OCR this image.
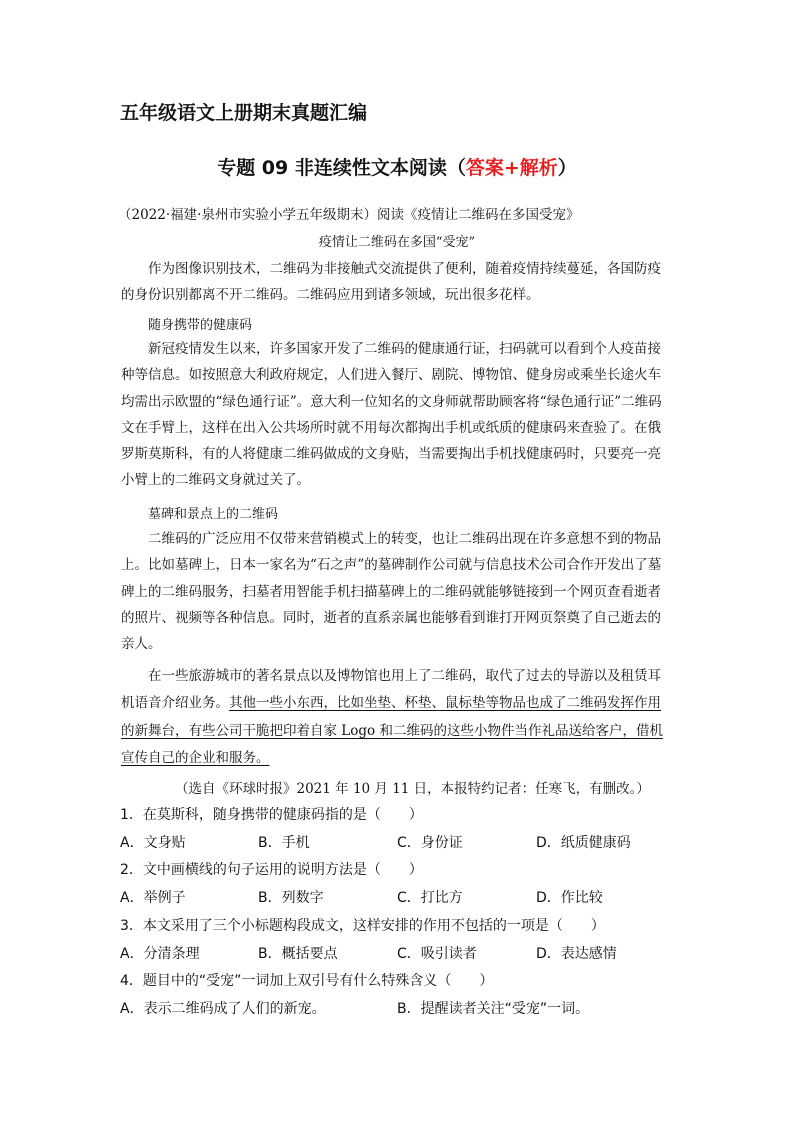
五年级语文上册期末真题汇编
专题 09 非连续性文本阅读（答案+解析）
（2022·福建·泉州市实验小学五年级期末）阅读《疫情让二维码在多国受宠》
疫情让二维码在多国“受宠”
作为图像识别技术，二维码为非接触式交流提供了便利，随着疫情持续蔓延，各国防疫的身份识别都离不开二维码。二维码应用到诸多领域，玩出很多花样。
随身携带的健康码
新冠疫情发生以来，许多国家开发了二维码的健康通行证，扫码就可以看到个人疫苗接种等信息。如按照意大利政府规定，人们进入餐厅、剧院、博物馆、健身房或乘坐长途火车均需出示欧盟的“绿色通行证”。意大利一位知名的文身师就帮助顾客将“绿色通行证”二维码文在手臂上，这样在出入公共场所时就不用每次都掏出手机或纸质的健康码来查验了。在俄罗斯莫斯科，有的人将健康二维码做成的文身贴，当需要掏出手机找健康码时，只要亮一亮小臂上的二维码文身就过关了。
墓碑和景点上的二维码
二维码的广泛应用不仅带来营销模式上的转变，也让二维码出现在许多意想不到的物品上。比如墓碑上，日本一家名为“石之声”的墓碑制作公司就与信息技术公司合作开发出了墓碑上的二维码服务，扫墓者用智能手机扫描墓碑上的二维码就能够链接到一个网页查看逝者的照片、视频等各种信息。同时，逝者的直系亲属也能够看到谁打开网页祭奠了自己逝去的亲人。
在一些旅游城市的著名景点以及博物馆也用上了二维码，取代了过去的导游以及租赁耳
机语音介绍业务。其他一些小东西，比如坐垫、杯垫、鼠标垫等物品也成了二维码发挥作用
的新舞台，有些公司干脆把印着自家 Logo 和二维码的这些小物件当作礼品送给客户，借机
宣传自己的企业和服务。
（选自《环球时报》2021 年 10 月 11 日，本报特约记者：任寒飞，有删改。）
1．在莫斯科，随身携带的健康码指的是（　　）
A．文身贴	B．手机	C．身份证	D．纸质健康码
2．文中画横线的句子运用的说明方法是（　　）
A．举例子	B．列数字	C．打比方	D．作比较
3．本文采用了三个小标题构段成文，这样安排的作用不包括的一项是（　　）
A．分清条理	B．概括要点	C．吸引读者	D．表达感情
4．题目中的“受宠”一词加上双引号有什么特殊含义（　　）
A．表示二维码成了人们的新宠。	B．提醒读者关注“受宠”一词。
